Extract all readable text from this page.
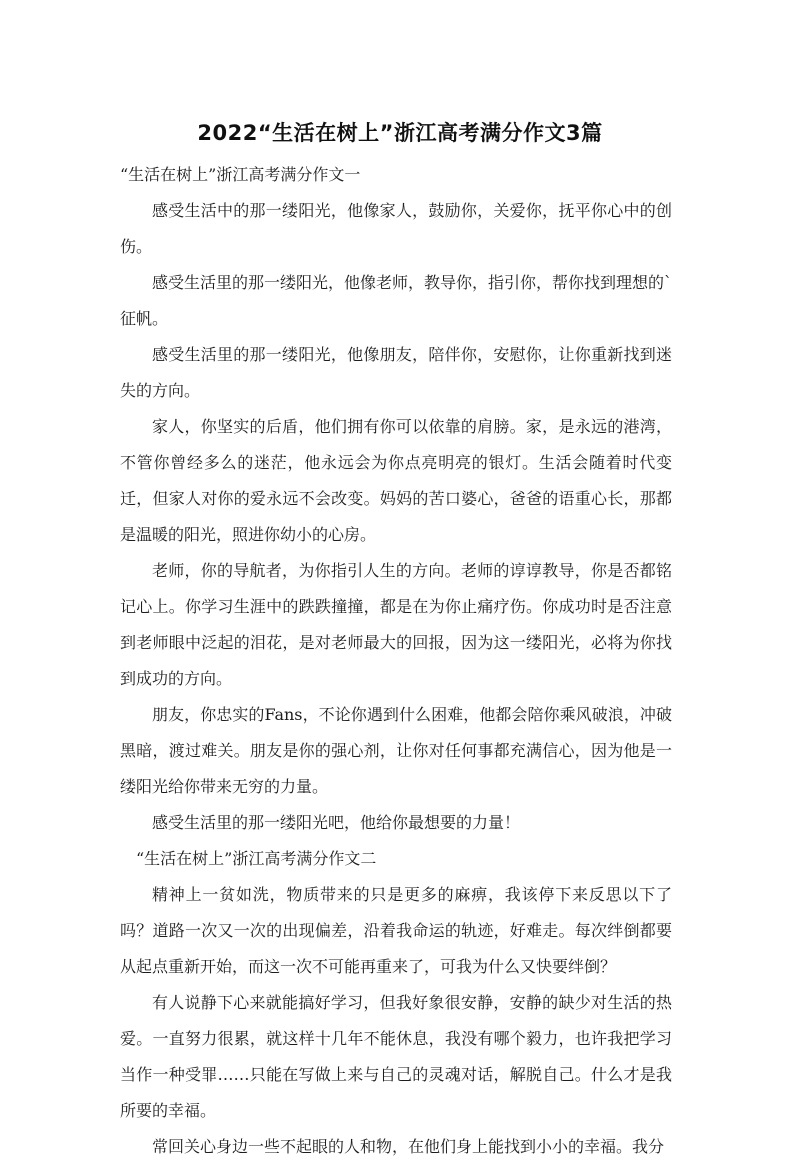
2022“生活在树上”浙江高考满分作文3篇

“生活在树上”浙江高考满分作文一

感受生活中的那一缕阳光，他像家人，鼓励你，关爱你，抚平你心中的创伤。

感受生活里的那一缕阳光，他像老师，教导你，指引你，帮你找到理想的`征帆。

感受生活里的那一缕阳光，他像朋友，陪伴你，安慰你，让你重新找到迷失的方向。

家人，你坚实的后盾，他们拥有你可以依靠的肩膀。家，是永远的港湾，不管你曾经多么的迷茫，他永远会为你点亮明亮的银灯。生活会随着时代变迁，但家人对你的爱永远不会改变。妈妈的苦口婆心，爸爸的语重心长，那都是温暖的阳光，照进你幼小的心房。

老师，你的导航者，为你指引人生的方向。老师的谆谆教导，你是否都铭记心上。你学习生涯中的跌跌撞撞，都是在为你止痛疗伤。你成功时是否注意到老师眼中泛起的泪花，是对老师最大的回报，因为这一缕阳光，必将为你找到成功的方向。

朋友，你忠实的Fans，不论你遇到什么困难，他都会陪你乘风破浪，冲破黑暗，渡过难关。朋友是你的强心剂，让你对任何事都充满信心，因为他是一缕阳光给你带来无穷的力量。

感受生活里的那一缕阳光吧，他给你最想要的力量！

“生活在树上”浙江高考满分作文二

精神上一贫如洗，物质带来的只是更多的麻痹，我该停下来反思以下了吗？道路一次又一次的出现偏差，沿着我命运的轨迹，好难走。每次绊倒都要从起点重新开始，而这一次不可能再重来了，可我为什么又快要绊倒？

有人说静下心来就能搞好学习，但我好象很安静，安静的缺少对生活的热爱。一直努力很累，就这样十几年不能休息，我没有哪个毅力，也许我把学习当作一种受罪……只能在写做上来与自己的灵魂对话，解脱自己。什么才是我所要的幸福。

常回关心身边一些不起眼的人和物，在他们身上能找到小小的幸福。我分
